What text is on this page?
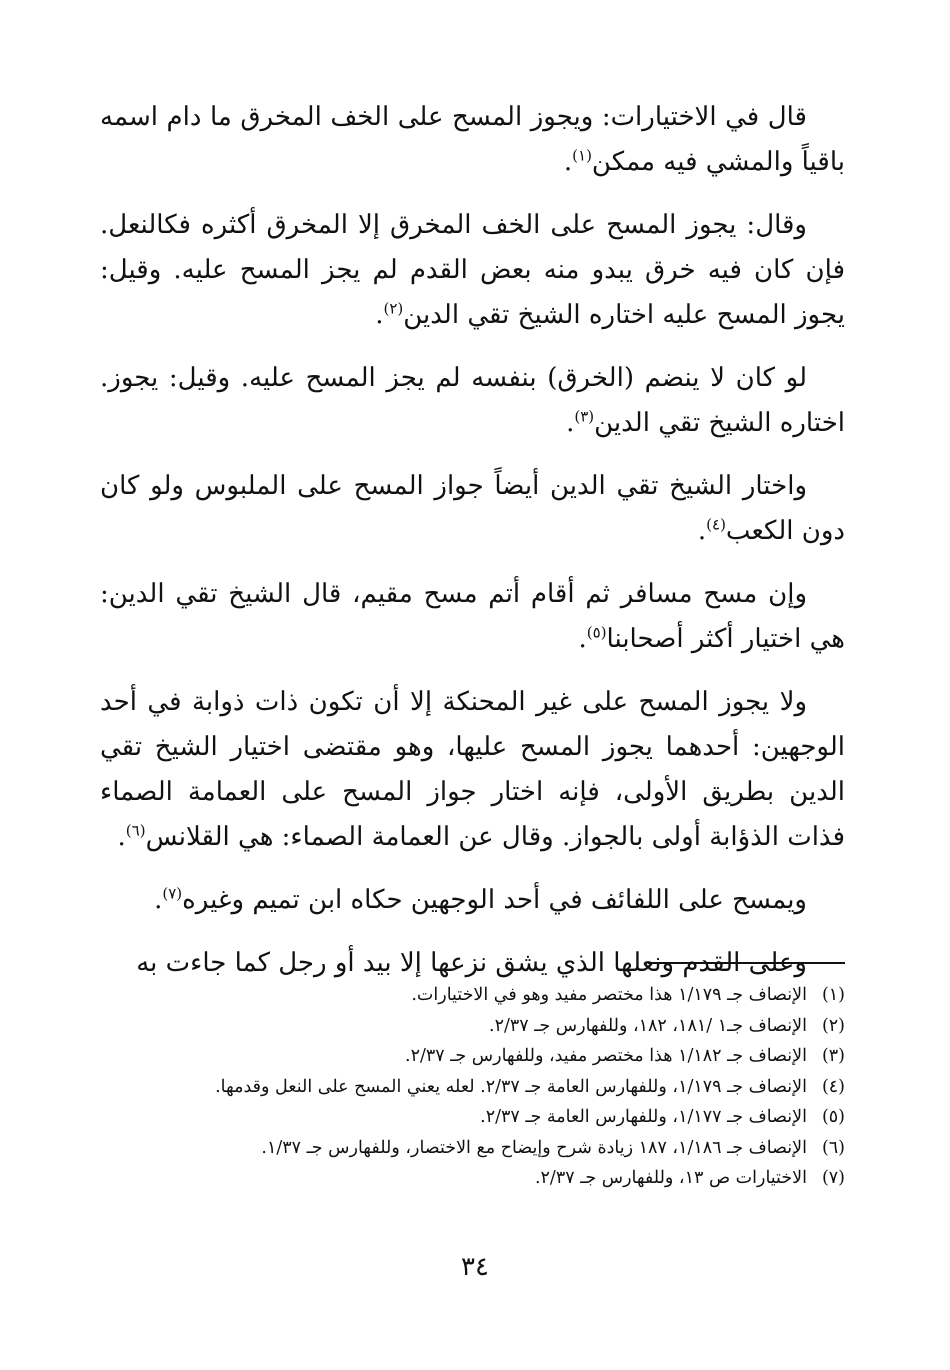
قال في الاختيارات: ويجوز المسح على الخف المخرق ما دام اسمه باقياً والمشي فيه ممكن$^{(١)}$.

وقال: يجوز المسح على الخف المخرق إلا المخرق أكثره فكالنعل. فإن كان فيه خرق يبدو منه بعض القدم لم يجز المسح عليه. وقيل: يجوز المسح عليه اختاره الشيخ تقي الدين$^{(٢)}$.

لو كان لا ينضم (الخرق) بنفسه لم يجز المسح عليه. وقيل: يجوز. اختاره الشيخ تقي الدين$^{(٣)}$.

واختار الشيخ تقي الدين أيضاً جواز المسح على الملبوس ولو كان دون الكعب$^{(٤)}$.

وإن مسح مسافر ثم أقام أتم مسح مقيم، قال الشيخ تقي الدين: هي اختيار أكثر أصحابنا$^{(٥)}$.

ولا يجوز المسح على غير المحنكة إلا أن تكون ذات ذوابة في أحد الوجهين: أحدهما يجوز المسح عليها، وهو مقتضى اختيار الشيخ تقي الدين بطريق الأولى، فإنه اختار جواز المسح على العمامة الصماء فذات الذؤابة أولى بالجواز. وقال عن العمامة الصماء: هي القلانس$^{(٦)}$.

ويمسح على اللفائف في أحد الوجهين حكاه ابن تميم وغيره$^{(٧)}$.

وعلى القدم ونعلها الذي يشق نزعها إلا بيد أو رجل كما جاءت به

(١)الإنصاف جـ ١/١٧٩ هذا مختصر مفيد وهو في الاختيارات.
(٢)الإنصاف جـ١ /١٨١، ١٨٢، وللفهارس جـ ٢/٣٧.
(٣)الإنصاف جـ ١/١٨٢ هذا مختصر مفيد، وللفهارس جـ ٢/٣٧.
(٤)الإنصاف جـ ١/١٧٩، وللفهارس العامة جـ ٢/٣٧. لعله يعني المسح على النعل وقدمها.
(٥)الإنصاف جـ ١/١٧٧، وللفهارس العامة جـ ٢/٣٧.
(٦)الإنصاف جـ ١/١٨٦، ١٨٧ زيادة شرح وإيضاح مع الاختصار، وللفهارس جـ ١/٣٧.
(٧)الاختيارات ص ١٣، وللفهارس جـ ٢/٣٧.
٣٤
